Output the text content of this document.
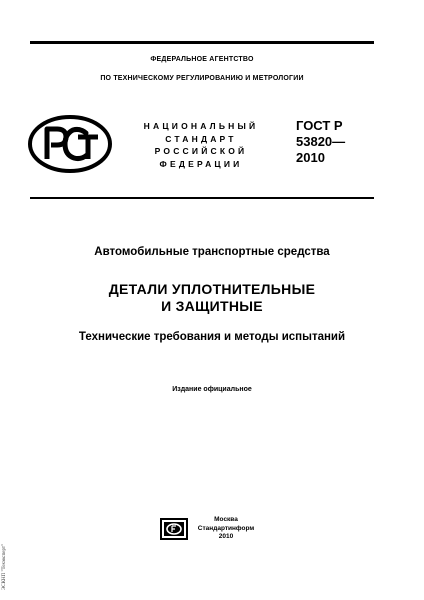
ФЕДЕРАЛЬНОЕ АГЕНТСТВО
ПО ТЕХНИЧЕСКОМУ РЕГУЛИРОВАНИЮ И МЕТРОЛОГИИ
НАЦИОНАЛЬНЫЙ
СТАНДАРТ
РОССИЙСКОЙ
ФЕДЕРАЦИИ
ГОСТ Р
53820—
2010
Автомобильные транспортные средства
ДЕТАЛИ УПЛОТНИТЕЛЬНЫЕ
И ЗАЩИТНЫЕ
Технические требования и методы испытаний
Издание официальное
Москва
Стандартинформ
2010
ЭСКНП "Техэксперт"
